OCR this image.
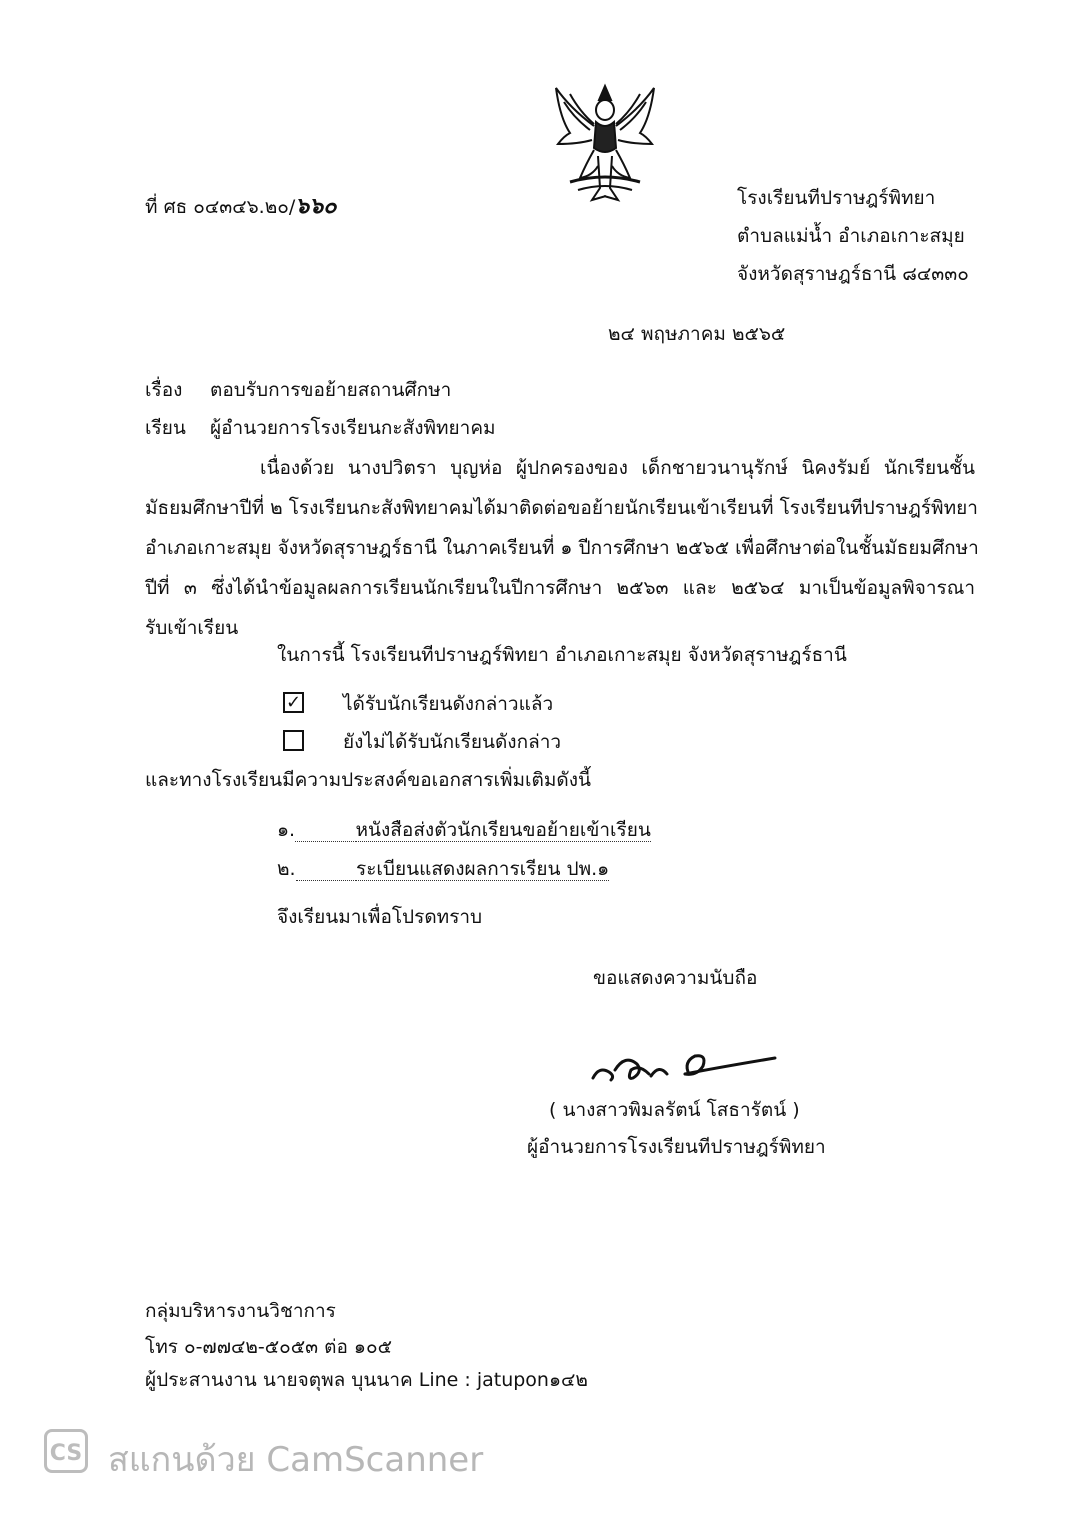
ที่ ศธ ๐๔๓๔๖.๒๐/๖๖๐	โรงเรียนทีปราษฎร์พิทยา
ตำบลแม่น้ำ อำเภอเกาะสมุย
จังหวัดสุราษฎร์ธานี ๘๔๓๓๐
๒๔ พฤษภาคม ๒๕๖๕
เรื่อง ตอบรับการขอย้ายสถานศึกษา
เรียน ผู้อำนวยการโรงเรียนกะสังพิทยาคม
เนื่องด้วย นางปวิตรา บุญห่อ ผู้ปกครองของ เด็กชายวนานุรักษ์ นิคงรัมย์ นักเรียนชั้น
มัธยมศึกษาปีที่ ๒ โรงเรียนกะสังพิทยาคมได้มาติดต่อขอย้ายนักเรียนเข้าเรียนที่ โรงเรียนทีปราษฎร์พิทยา
อำเภอเกาะสมุย จังหวัดสุราษฎร์ธานี ในภาคเรียนที่ ๑ ปีการศึกษา ๒๕๖๕ เพื่อศึกษาต่อในชั้นมัธยมศึกษา
ปีที่ ๓ ซึ่งได้นำข้อมูลผลการเรียนนักเรียนในปีการศึกษา ๒๕๖๓ และ ๒๕๖๔ มาเป็นข้อมูลพิจารณา
รับเข้าเรียน
ในการนี้ โรงเรียนทีปราษฎร์พิทยา อำเภอเกาะสมุย จังหวัดสุราษฎร์ธานี
✓ ได้รับนักเรียนดังกล่าวแล้ว
ยังไม่ได้รับนักเรียนดังกล่าว
และทางโรงเรียนมีความประสงค์ขอเอกสารเพิ่มเติมดังนี้
๑.	หนังสือส่งตัวนักเรียนขอย้ายเข้าเรียน
๒.	ระเบียนแสดงผลการเรียน ปพ.๑
จึงเรียนมาเพื่อโปรดทราบ
ขอแสดงความนับถือ
( นางสาวพิมลรัตน์ โสธารัตน์ )
ผู้อำนวยการโรงเรียนทีปราษฎร์พิทยา
กลุ่มบริหารงานวิชาการ
โทร ๐-๗๗๔๒-๕๐๕๓ ต่อ ๑๐๕
ผู้ประสานงาน นายจตุพล บุนนาค Line : jatupon๑๔๒
CS สแกนด้วย CamScanner
